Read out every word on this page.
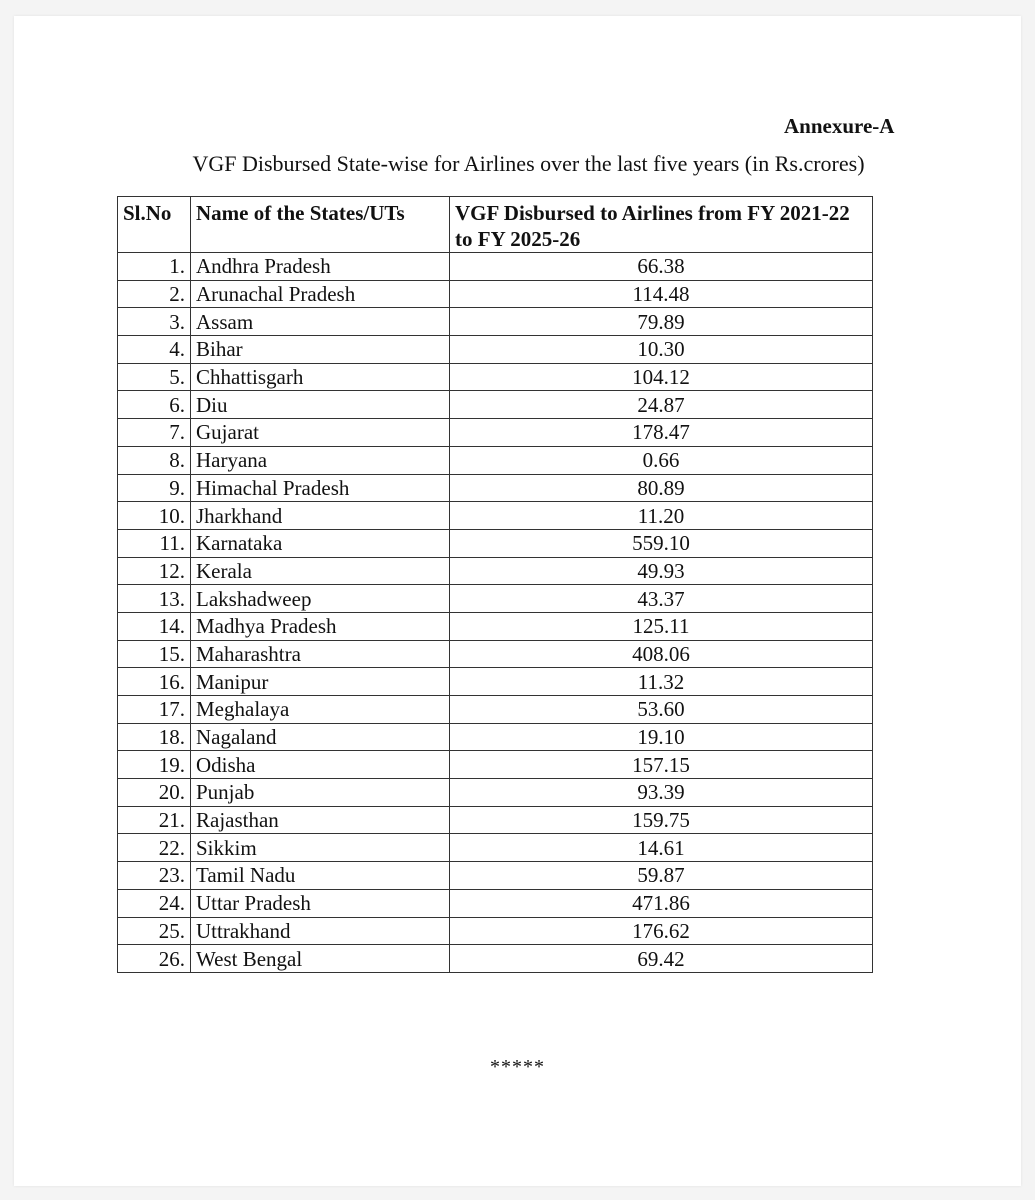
Annexure-A

VGF Disbursed State-wise for Airlines over the last five years (in Rs.crores)

Sl.No	Name of the States/UTs	VGF Disbursed to Airlines from FY 2021-22 to FY 2025-26
1.	Andhra Pradesh	66.38
2.	Arunachal Pradesh	114.48
3.	Assam	79.89
4.	Bihar	10.30
5.	Chhattisgarh	104.12
6.	Diu	24.87
7.	Gujarat	178.47
8.	Haryana	0.66
9.	Himachal Pradesh	80.89
10.	Jharkhand	11.20
11.	Karnataka	559.10
12.	Kerala	49.93
13.	Lakshadweep	43.37
14.	Madhya Pradesh	125.11
15.	Maharashtra	408.06
16.	Manipur	11.32
17.	Meghalaya	53.60
18.	Nagaland	19.10
19.	Odisha	157.15
20.	Punjab	93.39
21.	Rajasthan	159.75
22.	Sikkim	14.61
23.	Tamil Nadu	59.87
24.	Uttar Pradesh	471.86
25.	Uttrakhand	176.62
26.	West Bengal	69.42

*****
